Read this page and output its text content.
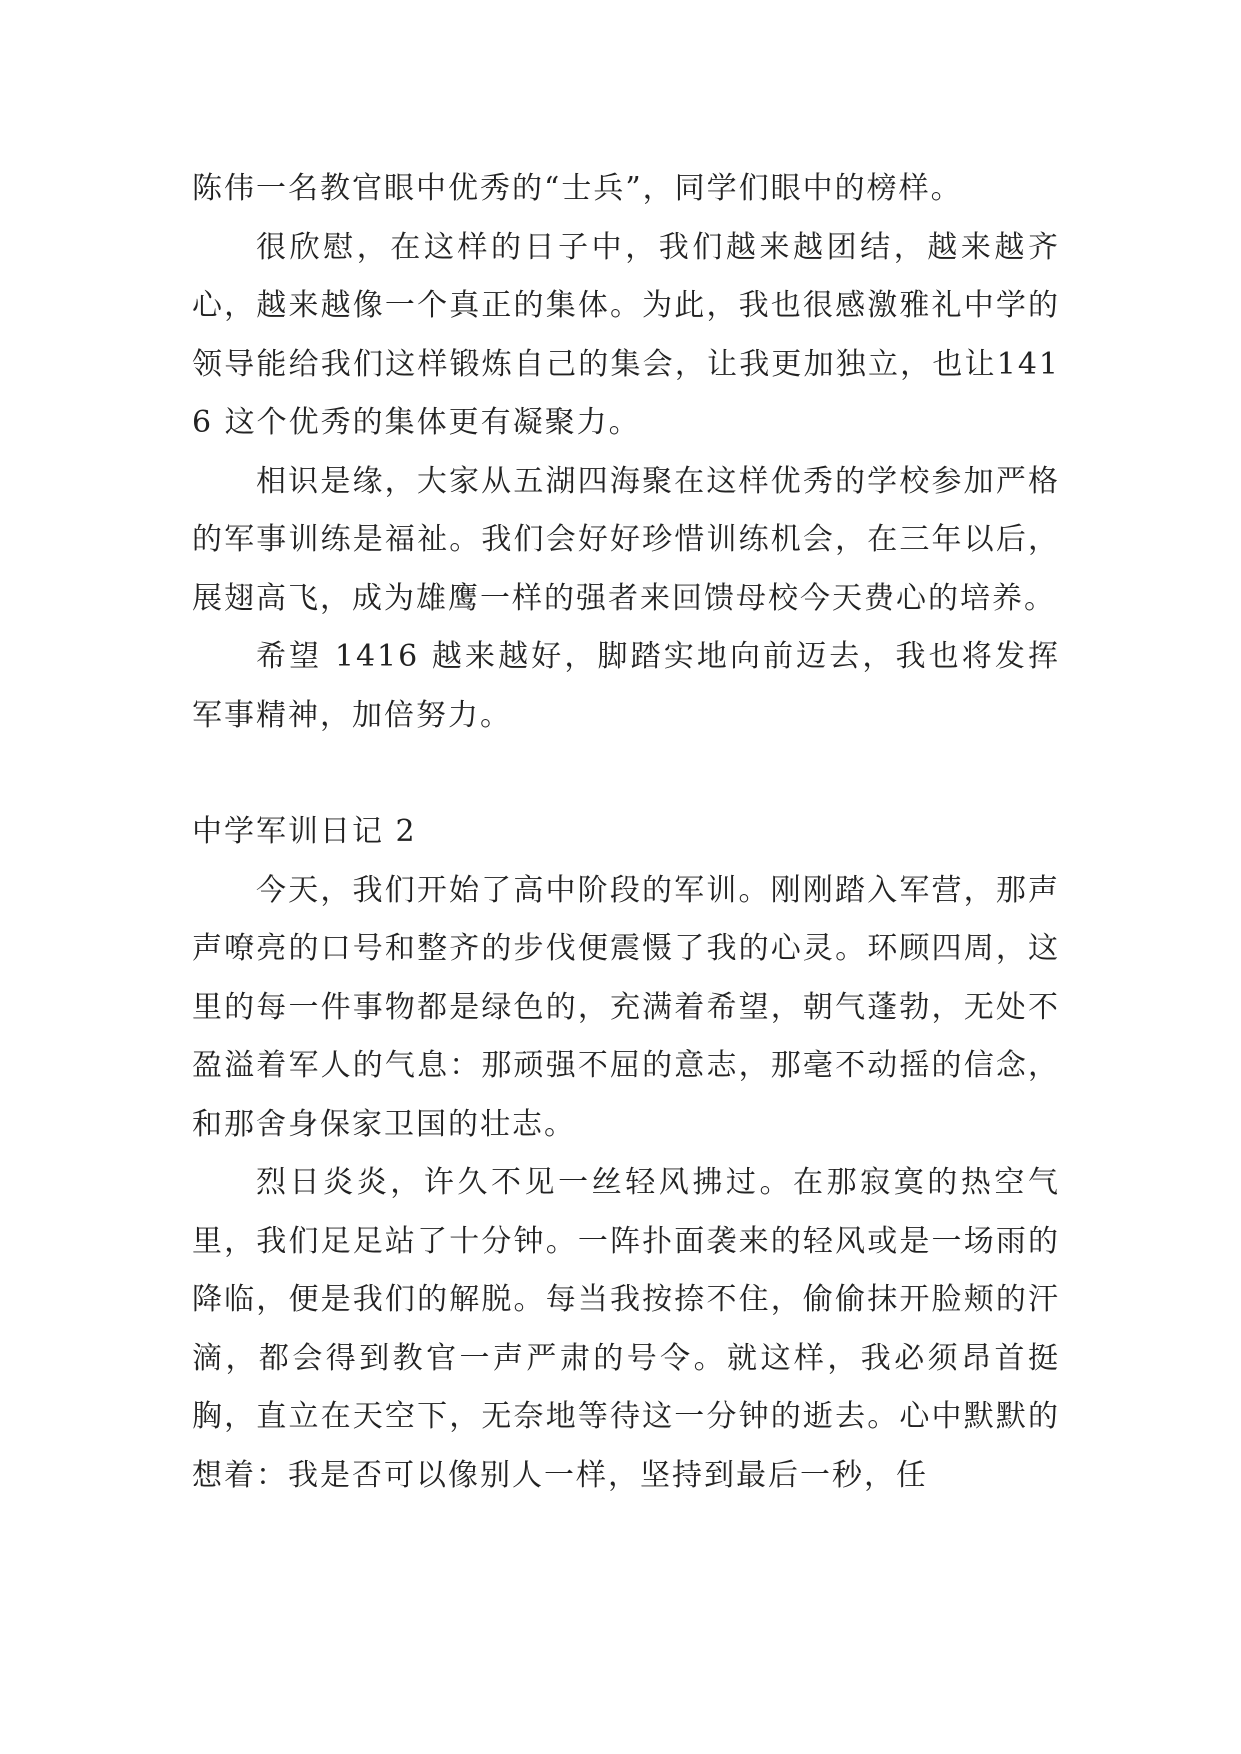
陈伟一名教官眼中优秀的“士兵”，同学们眼中的榜样。

很欣慰，在这样的日子中，我们越来越团结，越来越齐心，越来越像一个真正的集体。为此，我也很感激雅礼中学的领导能给我们这样锻炼自己的集会，让我更加独立，也让1416 这个优秀的集体更有凝聚力。

相识是缘，大家从五湖四海聚在这样优秀的学校参加严格的军事训练是福祉。我们会好好珍惜训练机会，在三年以后，展翅高飞，成为雄鹰一样的强者来回馈母校今天费心的培养。

希望 1416 越来越好，脚踏实地向前迈去，我也将发挥军事精神，加倍努力。

中学军训日记 2

今天，我们开始了高中阶段的军训。刚刚踏入军营，那声声嘹亮的口号和整齐的步伐便震慑了我的心灵。环顾四周，这里的每一件事物都是绿色的，充满着希望，朝气蓬勃，无处不盈溢着军人的气息：那顽强不屈的意志，那毫不动摇的信念，和那舍身保家卫国的壮志。

烈日炎炎，许久不见一丝轻风拂过。在那寂寞的热空气里，我们足足站了十分钟。一阵扑面袭来的轻风或是一场雨的降临，便是我们的解脱。每当我按捺不住，偷偷抹开脸颊的汗滴，都会得到教官一声严肃的号令。就这样，我必须昂首挺胸，直立在天空下，无奈地等待这一分钟的逝去。心中默默的想着：我是否可以像别人一样，坚持到最后一秒，任
